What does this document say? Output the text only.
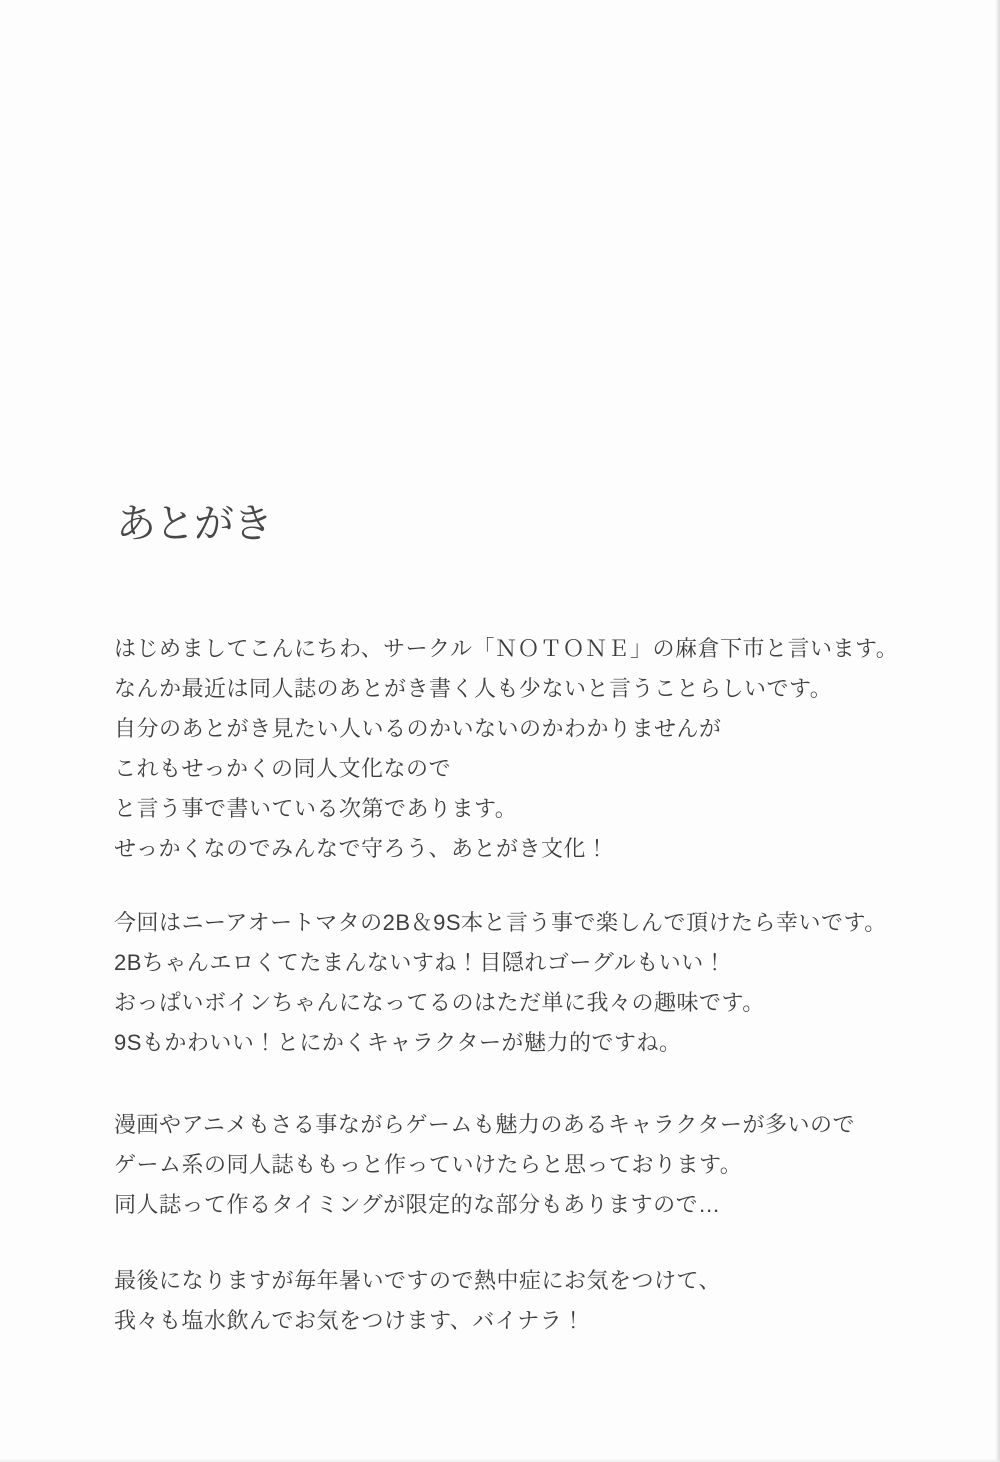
あとがき
はじめましてこんにちわ、サークル「ＮＯＴＯＮＥ」の麻倉下市と言います。
なんか最近は同人誌のあとがき書く人も少ないと言うことらしいです。
自分のあとがき見たい人いるのかいないのかわかりませんが
これもせっかくの同人文化なので
と言う事で書いている次第であります。
せっかくなのでみんなで守ろう、あとがき文化！
今回はニーアオートマタの2B＆9S本と言う事で楽しんで頂けたら幸いです。
2Bちゃんエロくてたまんないすね！目隠れゴーグルもいい！
おっぱいボインちゃんになってるのはただ単に我々の趣味です。
9Sもかわいい！とにかくキャラクターが魅力的ですね。
漫画やアニメもさる事ながらゲームも魅力のあるキャラクターが多いので
ゲーム系の同人誌ももっと作っていけたらと思っております。
同人誌って作るタイミングが限定的な部分もありますので…
最後になりますが毎年暑いですので熱中症にお気をつけて、
我々も塩水飲んでお気をつけます、バイナラ！
